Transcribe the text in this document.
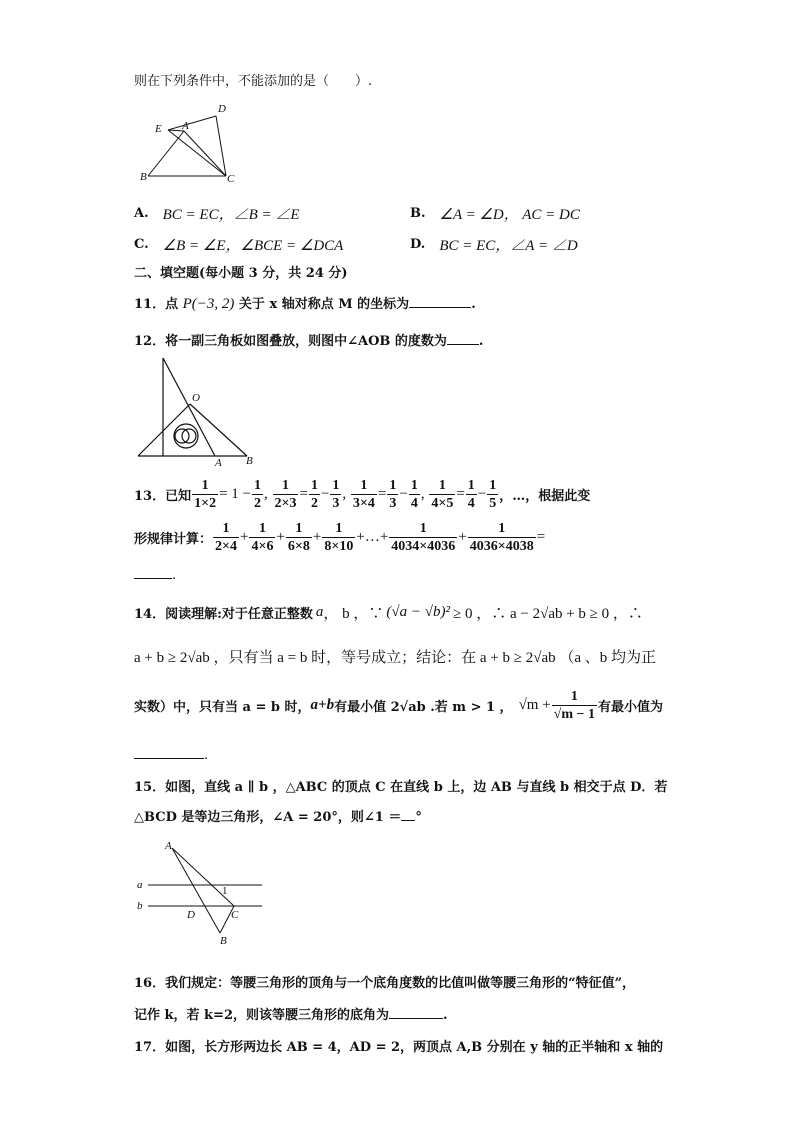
则在下列条件中，不能添加的是（　　）.
D
E A
B	C
A. BC = EC，∠B = ∠E	B. ∠A = ∠D， AC = DC
C. ∠B = ∠E，∠BCE = ∠DCA	D. BC = EC，∠A = ∠D
二、填空题(每小题 3 分，共 24 分)
11．点 P(−3, 2) 关于 x 轴对称点 M 的坐标为	.
12．将一副三角板如图叠放，则图中∠AOB 的度数为 .
O
A B
13．已知 $\frac{1}{1\times 2} = 1 - \frac{1}{2}$ , $\frac{1}{2\times 3} = \frac{1}{2} - \frac{1}{3}$ , $\frac{1}{3\times 4} = \frac{1}{3} - \frac{1}{4}$ , $\frac{1}{4\times 5} = \frac{1}{4} - \frac{1}{5}$ ，…，根据此变
形规律计算： $\frac{1}{2\times 4} + \frac{1}{4\times 6} + \frac{1}{6\times 8} + \frac{1}{8\times 10}$ +…+ $\frac{1}{4034\times 4036} + \frac{1}{4036\times 4038}$ =
.
14．阅读理解:对于任意正整数 a ， b ，∵ (√a − √b)² ≥ 0 ，∴ a − 2√ab + b ≥ 0 ，∴
a + b ≥ 2√ab ，只有当 a = b 时，等号成立；结论：在 a + b ≥ 2√ab （a 、b 均为正
实数）中，只有当 a = b 时， a+b 有最小值 2√ab .若 m > 1 ， $√m + \frac{1}{√m - 1}$ 有最小值为
.
15．如图，直线 a ∥ b ，△ABC 的顶点 C 在直线 b 上，边 AB 与直线 b 相交于点 D．若
△BCD 是等边三角形，∠A = 20°，则∠1 ＝ °
A
a	1
b
D	C
B
16．我们规定：等腰三角形的顶角与一个底角度数的比值叫做等腰三角形的“特征值”，
记作 k，若 k=2，则该等腰三角形的底角为	.
17．如图，长方形两边长 AB = 4，AD = 2，两顶点 A,B 分别在 y 轴的正半轴和 x 轴的
